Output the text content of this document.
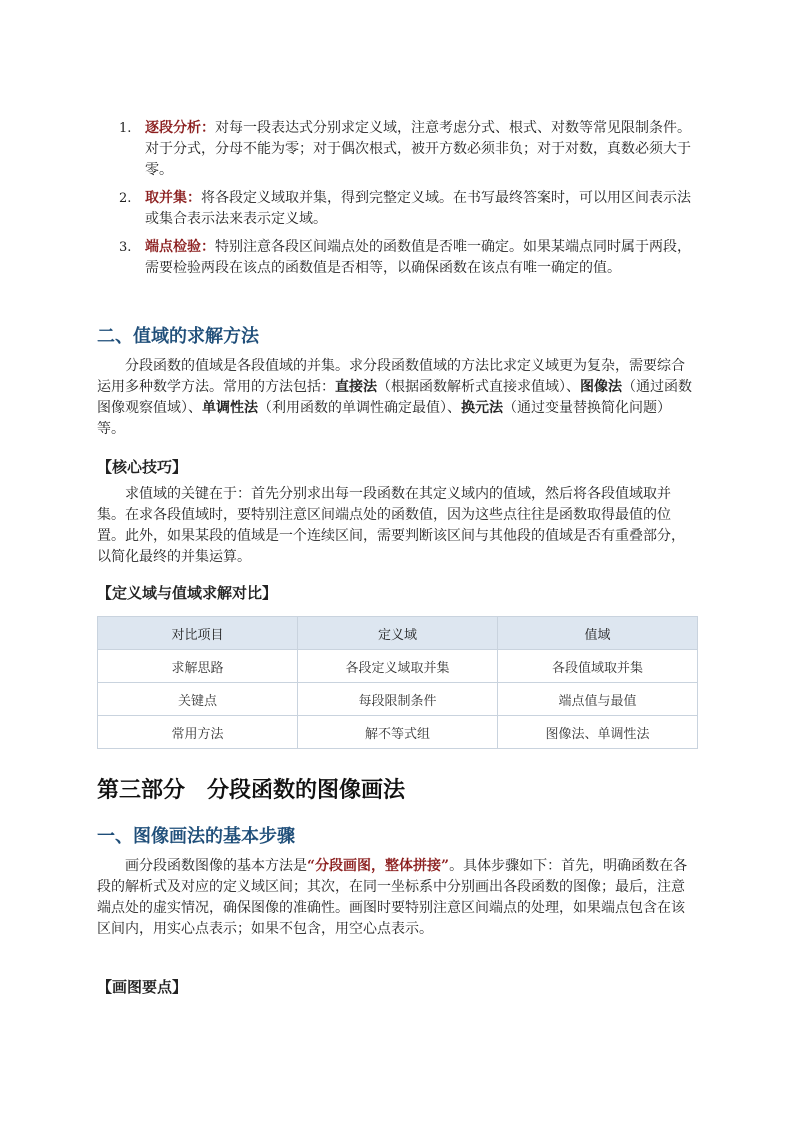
1. 逐段分析：对每一段表达式分别求定义域，注意考虑分式、根式、对数等常见限制条件。对于分式，分母不能为零；对于偶次根式，被开方数必须非负；对于对数，真数必须大于零。
2. 取并集：将各段定义域取并集，得到完整定义域。在书写最终答案时，可以用区间表示法或集合表示法来表示定义域。
3. 端点检验：特别注意各段区间端点处的函数值是否唯一确定。如果某端点同时属于两段，需要检验两段在该点的函数值是否相等，以确保函数在该点有唯一确定的值。
二、值域的求解方法
分段函数的值域是各段值域的并集。求分段函数值域的方法比求定义域更为复杂，需要综合运用多种数学方法。常用的方法包括：直接法（根据函数解析式直接求值域）、图像法（通过函数图像观察值域）、单调性法（利用函数的单调性确定最值）、换元法（通过变量替换简化问题）等。
【核心技巧】
求值域的关键在于：首先分别求出每一段函数在其定义域内的值域，然后将各段值域取并集。在求各段值域时，要特别注意区间端点处的函数值，因为这些点往往是函数取得最值的位置。此外，如果某段的值域是一个连续区间，需要判断该区间与其他段的值域是否有重叠部分，以简化最终的并集运算。
【定义域与值域求解对比】
对比项目	定义域	值域
求解思路	各段定义域取并集	各段值域取并集
关键点	每段限制条件	端点值与最值
常用方法	解不等式组	图像法、单调性法
第三部分　分段函数的图像画法
一、图像画法的基本步骤
画分段函数图像的基本方法是“分段画图，整体拼接”。具体步骤如下：首先，明确函数在各段的解析式及对应的定义域区间；其次，在同一坐标系中分别画出各段函数的图像；最后，注意端点处的虚实情况，确保图像的准确性。画图时要特别注意区间端点的处理，如果端点包含在该区间内，用实心点表示；如果不包含，用空心点表示。
【画图要点】
